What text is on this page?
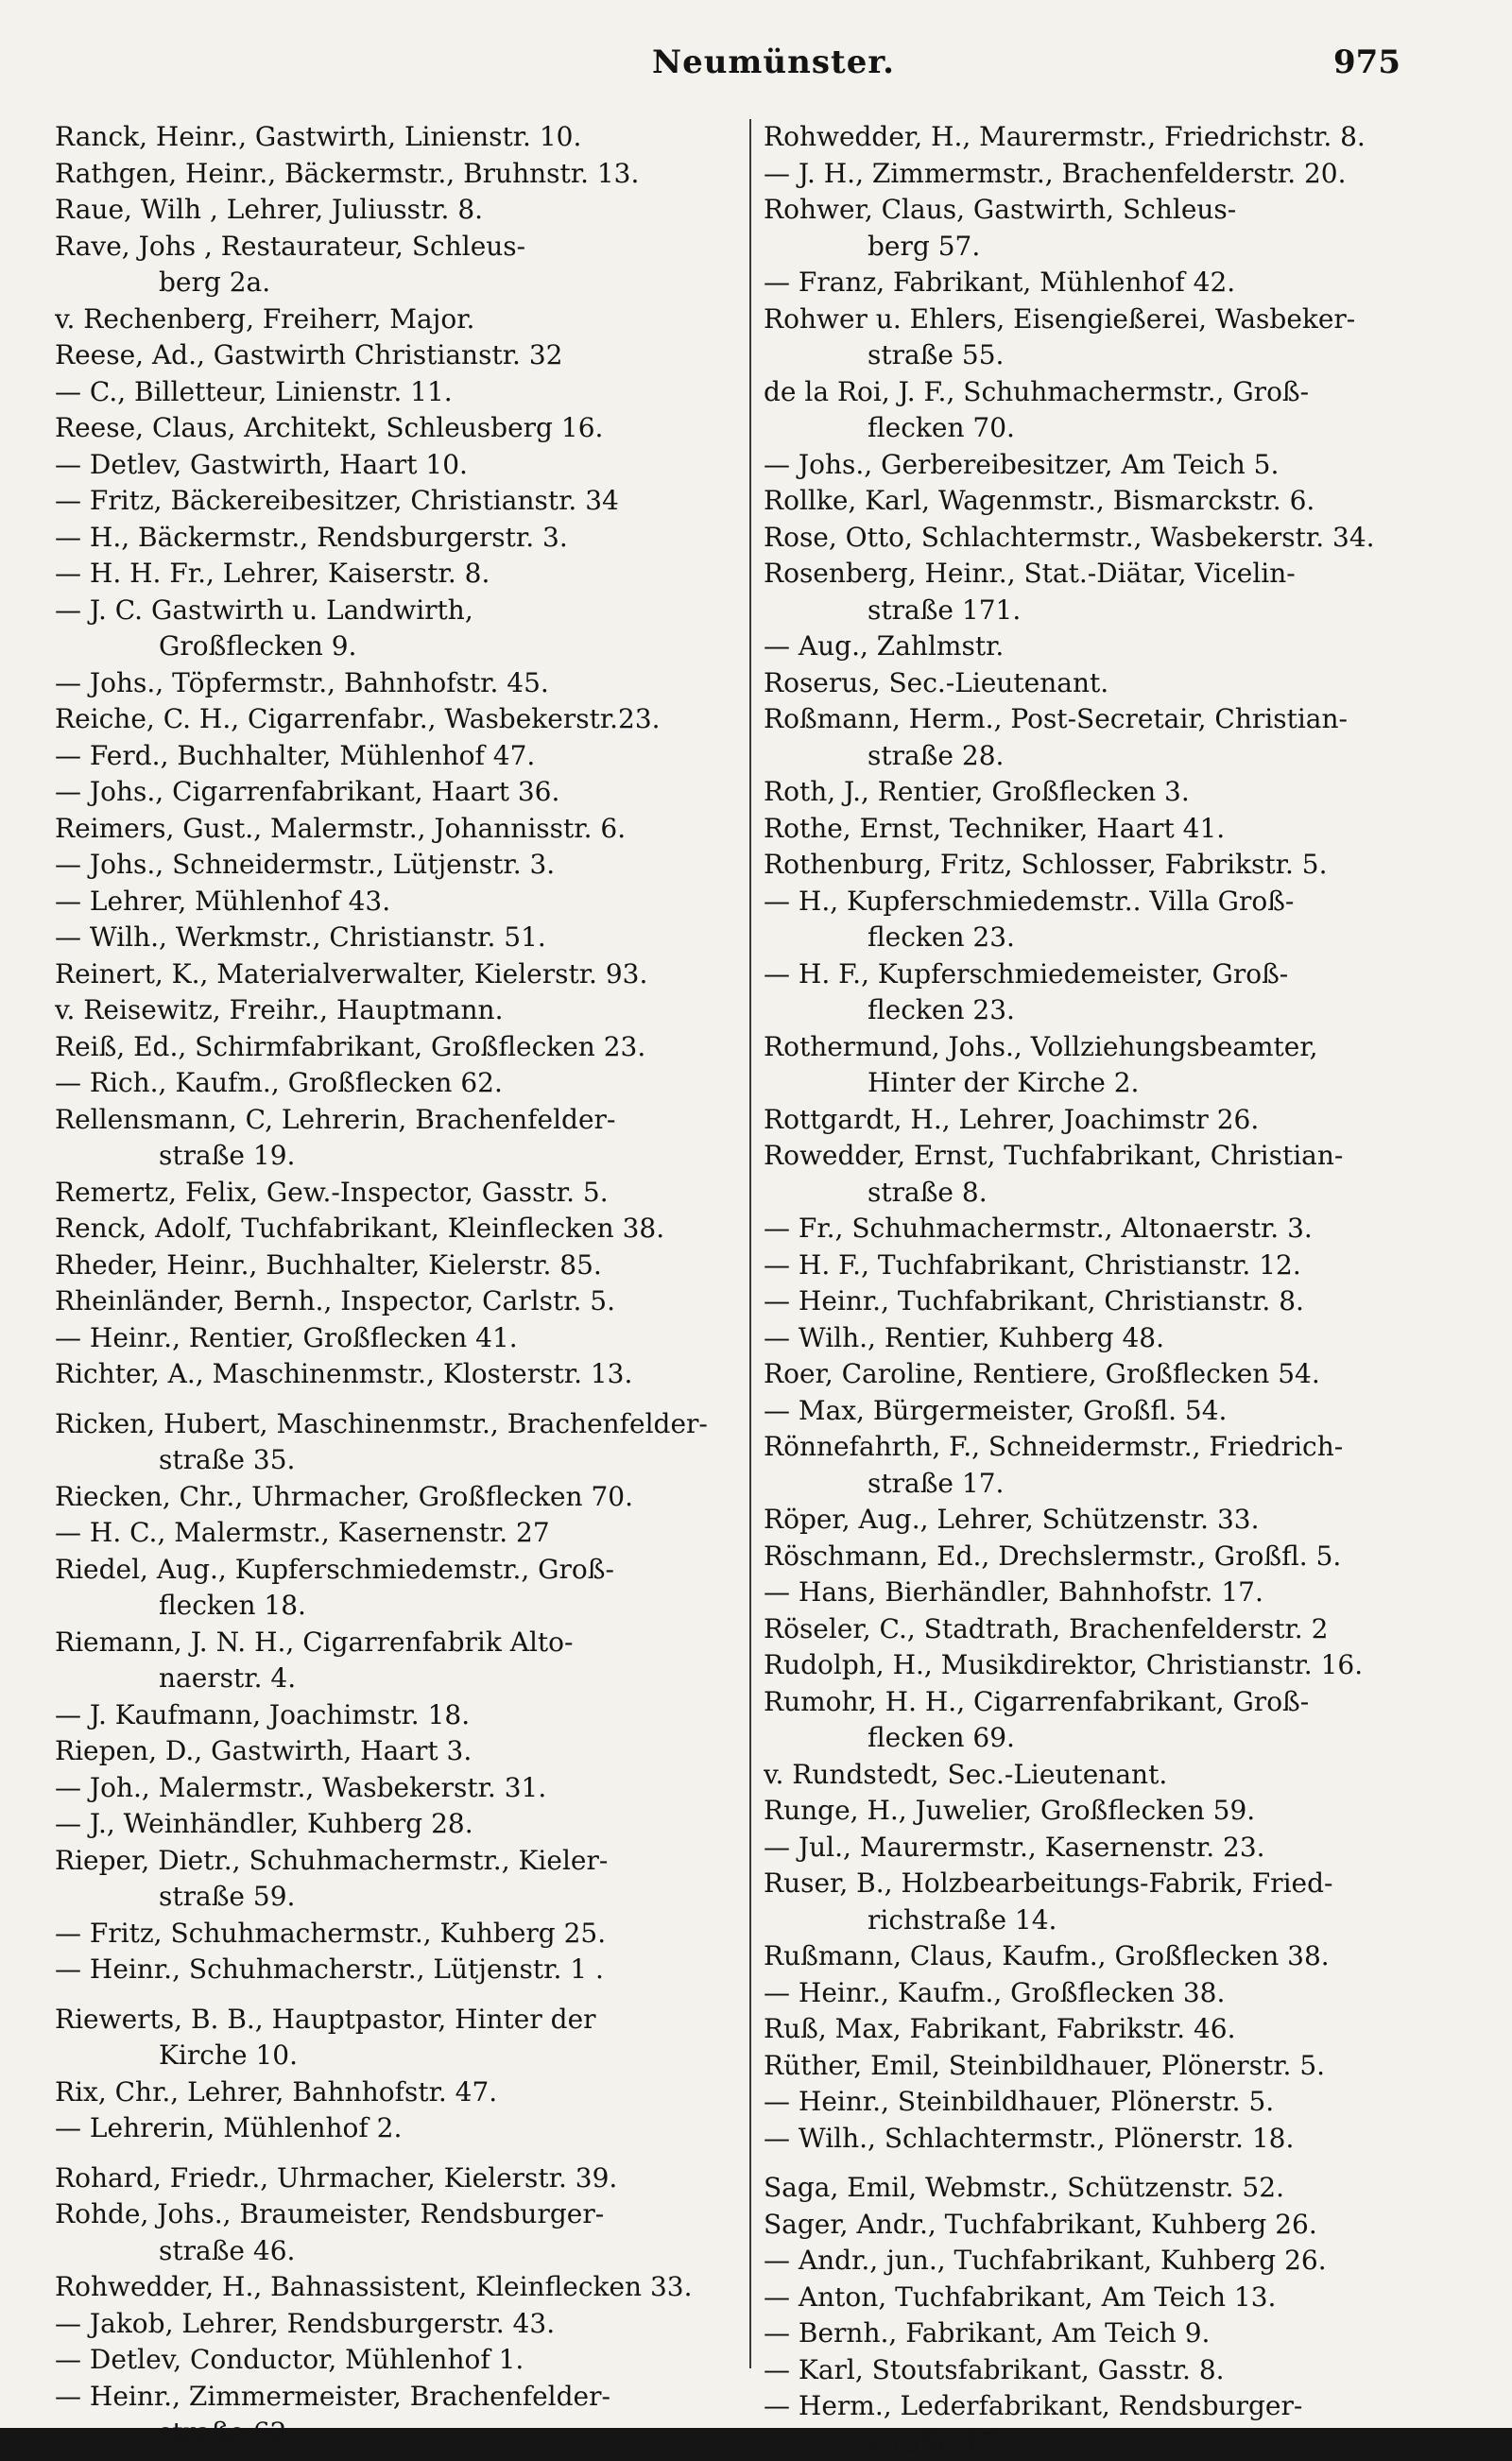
Neumünster.	975
Ranck, Heinr., Gastwirth, Linienstr. 10.
Rathgen, Heinr., Bäckermstr., Bruhnstr. 13.
Raue, Wilh , Lehrer, Juliusstr. 8.
Rave, Johs , Restaurateur, Schleus-
berg 2a.
v. Rechenberg, Freiherr, Major.
Reese, Ad., Gastwirth Christianstr. 32
— C., Billetteur, Linienstr. 11.
Reese, Claus, Architekt, Schleusberg 16.
— Detlev, Gastwirth, Haart 10.
— Fritz, Bäckereibesitzer, Christianstr. 34
— H., Bäckermstr., Rendsburgerstr. 3.
— H. H. Fr., Lehrer, Kaiserstr. 8.
— J. C. Gastwirth u. Landwirth,
Großflecken 9.
— Johs., Töpfermstr., Bahnhofstr. 45.
Reiche, C. H., Cigarrenfabr., Wasbekerstr.23.
— Ferd., Buchhalter, Mühlenhof 47.
— Johs., Cigarrenfabrikant, Haart 36.
Reimers, Gust., Malermstr., Johannisstr. 6.
— Johs., Schneidermstr., Lütjenstr. 3.
— Lehrer, Mühlenhof 43.
— Wilh., Werkmstr., Christianstr. 51.
Reinert, K., Materialverwalter, Kielerstr. 93.
v. Reisewitz, Freihr., Hauptmann.
Reiß, Ed., Schirmfabrikant, Großflecken 23.
— Rich., Kaufm., Großflecken 62.
Rellensmann, C, Lehrerin, Brachenfelder-
straße 19.
Remertz, Felix, Gew.-Inspector, Gasstr. 5.
Renck, Adolf, Tuchfabrikant, Kleinflecken 38.
Rheder, Heinr., Buchhalter, Kielerstr. 85.
Rheinländer, Bernh., Inspector, Carlstr. 5.
— Heinr., Rentier, Großflecken 41.
Richter, A., Maschinenmstr., Klosterstr. 13.
Ricken, Hubert, Maschinenmstr., Brachenfelder-
straße 35.
Riecken, Chr., Uhrmacher, Großflecken 70.
— H. C., Malermstr., Kasernenstr. 27
Riedel, Aug., Kupferschmiedemstr., Groß-
flecken 18.
Riemann, J. N. H., Cigarrenfabrik Alto-
naerstr. 4.
— J. Kaufmann, Joachimstr. 18.
Riepen, D., Gastwirth, Haart 3.
— Joh., Malermstr., Wasbekerstr. 31.
— J., Weinhändler, Kuhberg 28.
Rieper, Dietr., Schuhmachermstr., Kieler-
straße 59.
— Fritz, Schuhmachermstr., Kuhberg 25.
— Heinr., Schuhmacherstr., Lütjenstr. 1 .
Riewerts, B. B., Hauptpastor, Hinter der
Kirche 10.
Rix, Chr., Lehrer, Bahnhofstr. 47.
— Lehrerin, Mühlenhof 2.
Rohard, Friedr., Uhrmacher, Kielerstr. 39.
Rohde, Johs., Braumeister, Rendsburger-
straße 46.
Rohwedder, H., Bahnassistent, Kleinflecken 33.
— Jakob, Lehrer, Rendsburgerstr. 43.
— Detlev, Conductor, Mühlenhof 1.
— Heinr., Zimmermeister, Brachenfelder-
straße 62.
Rohwedder, H., Maurermstr., Friedrichstr. 8.
— J. H., Zimmermstr., Brachenfelderstr. 20.
Rohwer, Claus, Gastwirth, Schleus-
berg 57.
— Franz, Fabrikant, Mühlenhof 42.
Rohwer u. Ehlers, Eisengießerei, Wasbeker-
straße 55.
de la Roi, J. F., Schuhmachermstr., Groß-
flecken 70.
— Johs., Gerbereibesitzer, Am Teich 5.
Rollke, Karl, Wagenmstr., Bismarckstr. 6.
Rose, Otto, Schlachtermstr., Wasbekerstr. 34.
Rosenberg, Heinr., Stat.-Diätar, Vicelin-
straße 171.
— Aug., Zahlmstr.
Roserus, Sec.-Lieutenant.
Roßmann, Herm., Post-Secretair, Christian-
straße 28.
Roth, J., Rentier, Großflecken 3.
Rothe, Ernst, Techniker, Haart 41.
Rothenburg, Fritz, Schlosser, Fabrikstr. 5.
— H., Kupferschmiedemstr.. Villa Groß-
flecken 23.
— H. F., Kupferschmiedemeister, Groß-
flecken 23.
Rothermund, Johs., Vollziehungsbeamter,
Hinter der Kirche 2.
Rottgardt, H., Lehrer, Joachimstr 26.
Rowedder, Ernst, Tuchfabrikant, Christian-
straße 8.
— Fr., Schuhmachermstr., Altonaerstr. 3.
— H. F., Tuchfabrikant, Christianstr. 12.
— Heinr., Tuchfabrikant, Christianstr. 8.
— Wilh., Rentier, Kuhberg 48.
Roer, Caroline, Rentiere, Großflecken 54.
— Max, Bürgermeister, Großfl. 54.
Rönnefahrth, F., Schneidermstr., Friedrich-
straße 17.
Röper, Aug., Lehrer, Schützenstr. 33.
Röschmann, Ed., Drechslermstr., Großfl. 5.
— Hans, Bierhändler, Bahnhofstr. 17.
Röseler, C., Stadtrath, Brachenfelderstr. 2
Rudolph, H., Musikdirektor, Christianstr. 16.
Rumohr, H. H., Cigarrenfabrikant, Groß-
flecken 69.
v. Rundstedt, Sec.-Lieutenant.
Runge, H., Juwelier, Großflecken 59.
— Jul., Maurermstr., Kasernenstr. 23.
Ruser, B., Holzbearbeitungs-Fabrik, Fried-
richstraße 14.
Rußmann, Claus, Kaufm., Großflecken 38.
— Heinr., Kaufm., Großflecken 38.
Ruß, Max, Fabrikant, Fabrikstr. 46.
Rüther, Emil, Steinbildhauer, Plönerstr. 5.
— Heinr., Steinbildhauer, Plönerstr. 5.
— Wilh., Schlachtermstr., Plönerstr. 18.
Saga, Emil, Webmstr., Schützenstr. 52.
Sager, Andr., Tuchfabrikant, Kuhberg 26.
— Andr., jun., Tuchfabrikant, Kuhberg 26.
— Anton, Tuchfabrikant, Am Teich 13.
— Bernh., Fabrikant, Am Teich 9.
— Karl, Stoutsfabrikant, Gasstr. 8.
— Herm., Lederfabrikant, Rendsburger-
straße 17.
